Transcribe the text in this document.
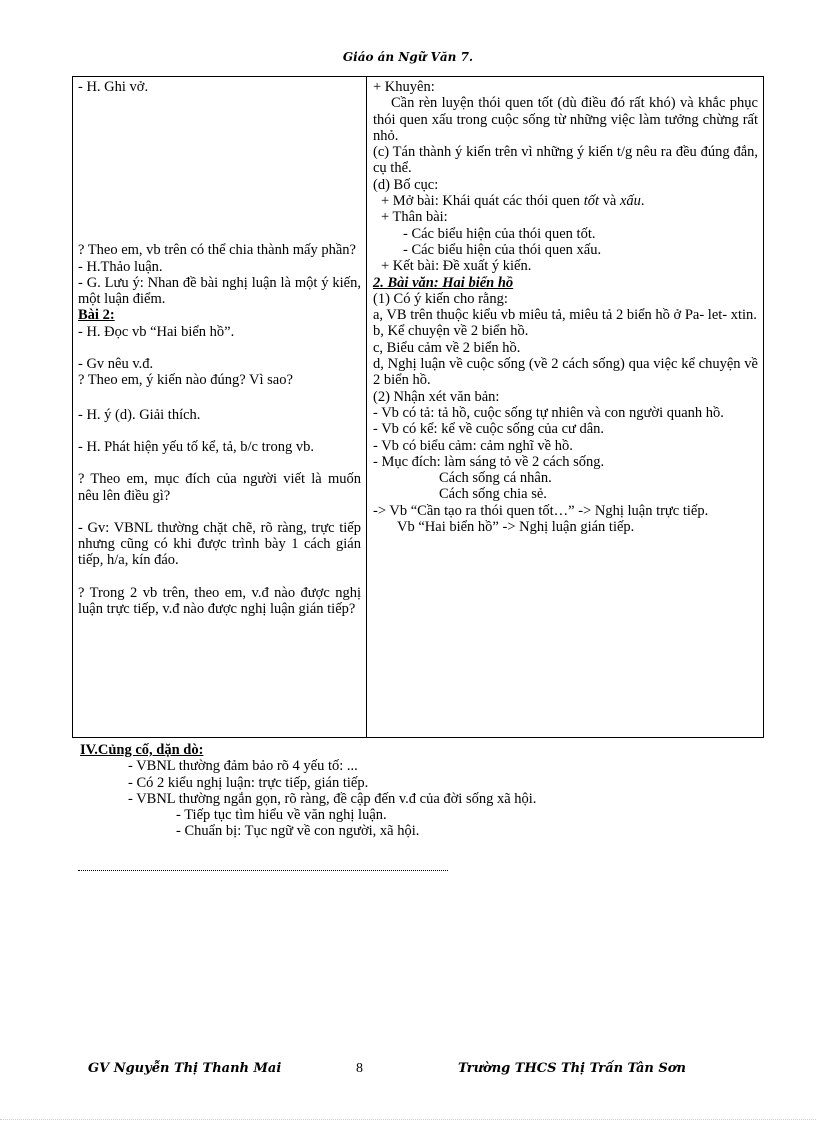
Giáo án Ngữ Văn 7.
- H. Ghi vở.
? Theo em, vb trên có thể chia thành mấy phần?
- H.Thảo luận.
- G. Lưu ý: Nhan đề bài nghị luận là một ý kiến, một luận điểm.
Bài 2:
- H. Đọc vb “Hai biển hồ”.
- Gv nêu v.đ.
? Theo em, ý kiến nào đúng? Vì sao?
- H. ý (d). Giải thích.
- H. Phát hiện yếu tố kể, tả, b/c trong vb.
? Theo em, mục đích của người viết là muốn nêu lên điều gì?
- Gv: VBNL thường chặt chẽ, rõ ràng, trực tiếp nhưng cũng có khi được trình bày 1 cách gián tiếp, h/a, kín đáo.
? Trong 2 vb trên, theo em, v.đ nào được nghị luận trực tiếp, v.đ nào được nghị luận gián tiếp?
+ Khuyên:
Cần rèn luyện thói quen tốt (dù điều đó rất khó) và khắc phục thói quen xấu trong cuộc sống từ những việc làm tưởng chừng rất nhỏ.
(c) Tán thành ý kiến trên vì những ý kiến t/g nêu ra đều đúng đắn, cụ thể.
(d) Bố cục:
+ Mở bài: Khái quát các thói quen tốt và xấu.
+ Thân bài:
- Các biểu hiện của thói quen tốt.
- Các biểu hiện của thói quen xấu.
+ Kết bài: Đề xuất ý kiến.
2. Bài văn: Hai biển hồ
(1) Có ý kiến cho rằng:
a, VB trên thuộc kiểu vb miêu tả, miêu tả 2 biển hồ ở Pa- let- xtin.
b, Kể chuyện về 2 biển hồ.
c, Biểu cảm về 2 biển hồ.
d, Nghị luận về cuộc sống (về 2 cách sống) qua việc kể chuyện về 2 biển hồ.
(2) Nhận xét văn bản:
- Vb có tả: tả hồ, cuộc sống tự nhiên và con người quanh hồ.
- Vb có kể: kể về cuộc sống của cư dân.
- Vb có biểu cảm: cảm nghĩ về hồ.
- Mục đích: làm sáng tỏ về 2 cách sống.
Cách sống cá nhân.
Cách sống chia sẻ.
-> Vb “Cần tạo ra thói quen tốt…” -> Nghị luận trực tiếp.
Vb “Hai biển hồ” -> Nghị luận gián tiếp.
IV.Củng cố, dặn dò:
- VBNL thường đảm bảo rõ 4 yếu tố: ...
- Có 2 kiểu nghị luận: trực tiếp, gián tiếp.
- VBNL thường ngắn gọn, rõ ràng, đề cập đến v.đ của đời sống xã hội.
- Tiếp tục tìm hiểu về văn nghị luận.
- Chuẩn bị: Tục ngữ về con người, xã hội.
GV Nguyễn Thị Thanh Mai	8	Trường THCS Thị Trấn Tân Sơn
